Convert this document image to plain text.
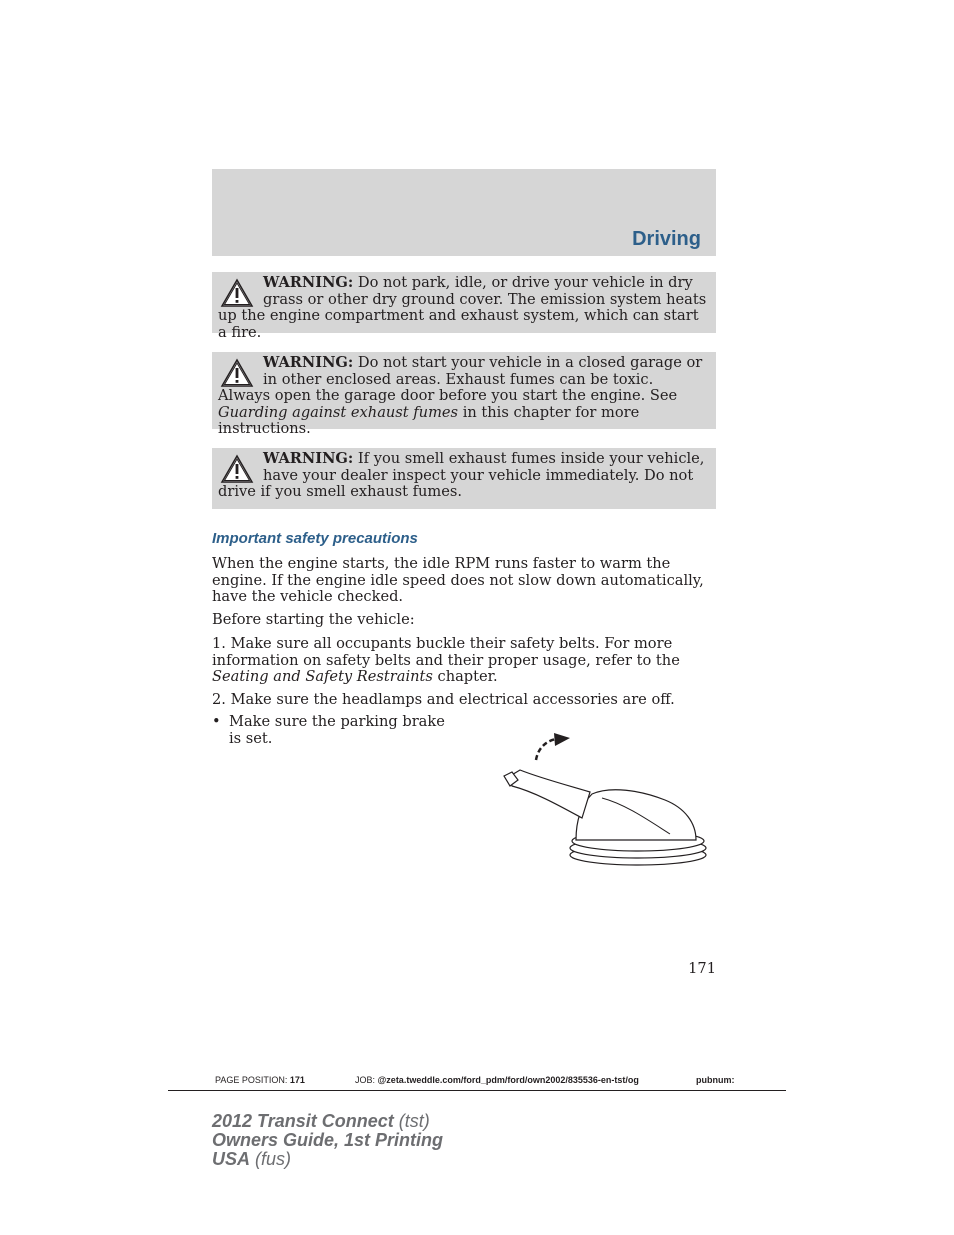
Driving
WARNING: Do not park, idle, or drive your vehicle in dry grass or other dry ground cover. The emission system heats up the engine compartment and exhaust system, which can start a fire.
WARNING: Do not start your vehicle in a closed garage or in other enclosed areas. Exhaust fumes can be toxic. Always open the garage door before you start the engine. See Guarding against exhaust fumes in this chapter for more instructions.
WARNING: If you smell exhaust fumes inside your vehicle, have your dealer inspect your vehicle immediately. Do not drive if you smell exhaust fumes.
Important safety precautions

When the engine starts, the idle RPM runs faster to warm the engine. If the engine idle speed does not slow down automatically, have the vehicle checked.

Before starting the vehicle:

1. Make sure all occupants buckle their safety belts. For more information on safety belts and their proper usage, refer to the Seating and Safety Restraints chapter.

2. Make sure the headlamps and electrical accessories are off.

• Make sure the parking brake is set.
171
PAGE POSITION: 171	JOB: @zeta.tweddle.com/ford_pdm/ford/own2002/835536-en-tst/og	pubnum:
2012 Transit Connect (tst)
Owners Guide, 1st Printing
USA (fus)
